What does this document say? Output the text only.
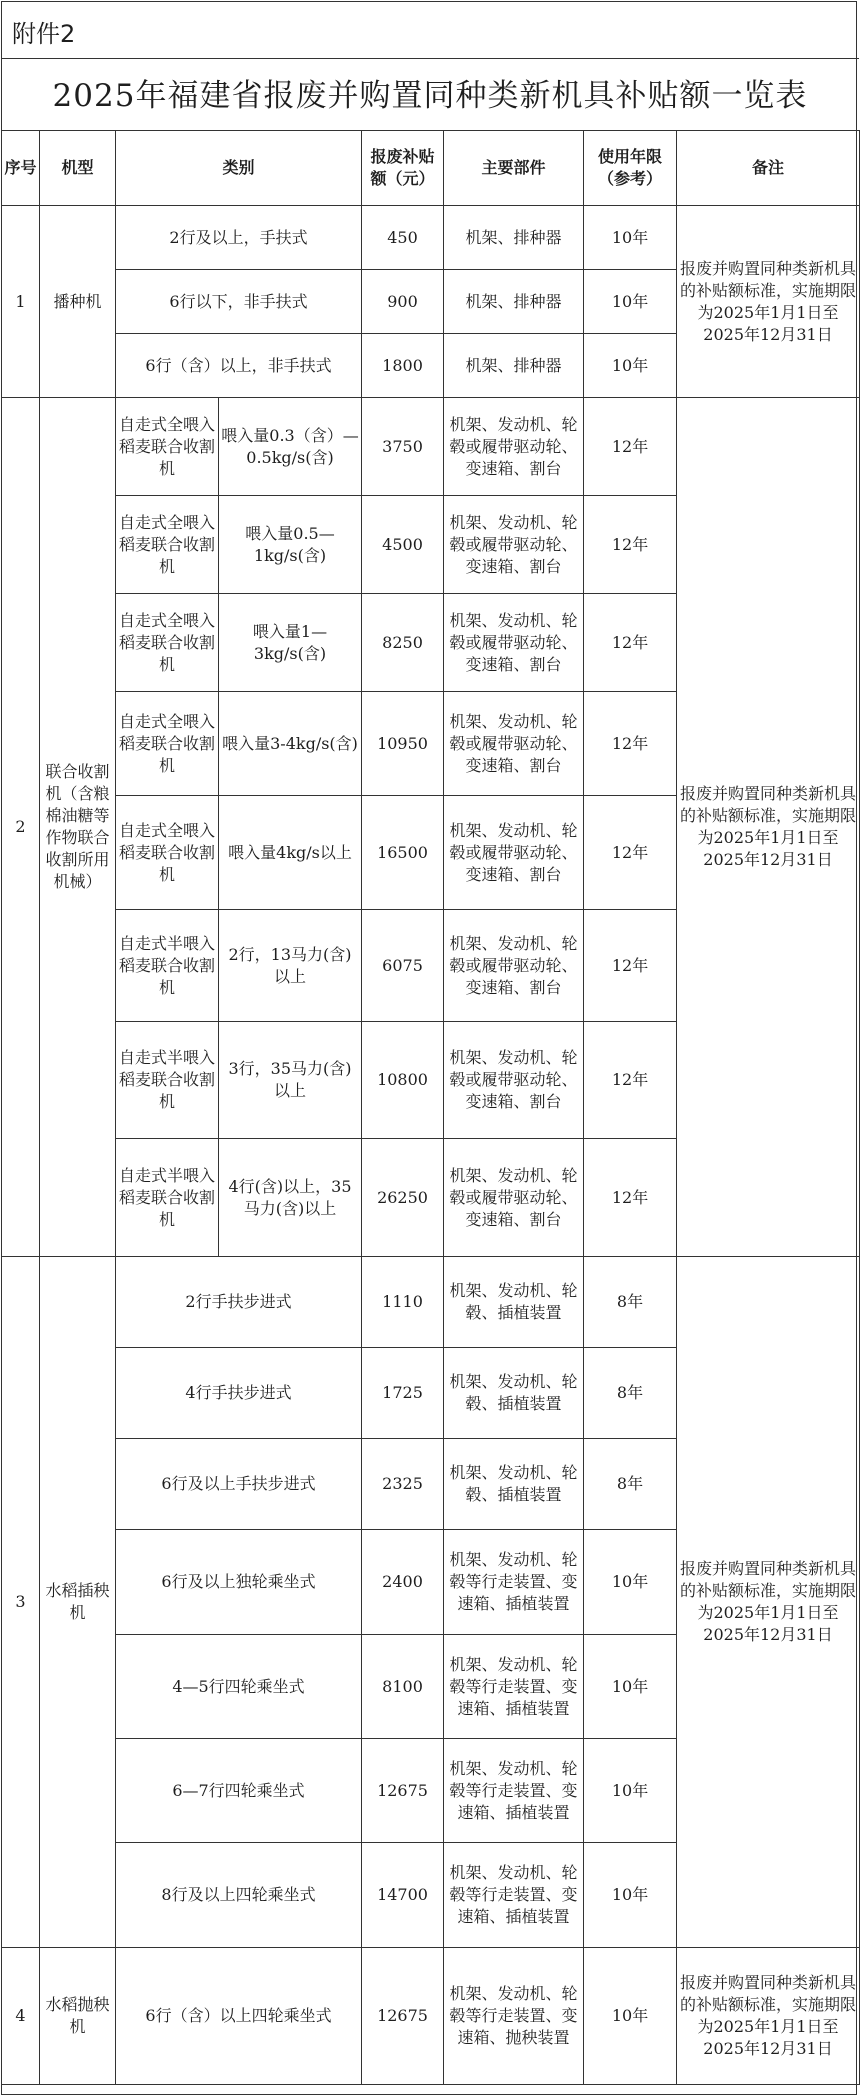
附件2
2025年福建省报废并购置同种类新机具补贴额一览表
序号	机型	类别		报废补贴额（元）	主要部件	使用年限（参考）	备注
1	播种机	2行及以上，手扶式		450	机架、排种器	10年	报废并购置同种类新机具的补贴额标准，实施期限为2025年1月1日至2025年12月31日
		6行以下，非手扶式		900	机架、排种器	10年	
		6行（含）以上，非手扶式		1800	机架、排种器	10年	
2	联合收割机（含粮棉油糖等作物联合收割所用机械）	自走式全喂入稻麦联合收割机	喂入量0.3（含）—0.5kg/s(含)	3750	机架、发动机、轮毂或履带驱动轮、变速箱、割台	12年	报废并购置同种类新机具的补贴额标准，实施期限为2025年1月1日至2025年12月31日
		自走式全喂入稻麦联合收割机	喂入量0.5—1kg/s(含)	4500	机架、发动机、轮毂或履带驱动轮、变速箱、割台	12年	
		自走式全喂入稻麦联合收割机	喂入量1—3kg/s(含)	8250	机架、发动机、轮毂或履带驱动轮、变速箱、割台	12年	
		自走式全喂入稻麦联合收割机	喂入量3-4kg/s(含)	10950	机架、发动机、轮毂或履带驱动轮、变速箱、割台	12年	
		自走式全喂入稻麦联合收割机	喂入量4kg/s以上	16500	机架、发动机、轮毂或履带驱动轮、变速箱、割台	12年	
		自走式半喂入稻麦联合收割机	2行，13马力(含)以上	6075	机架、发动机、轮毂或履带驱动轮、变速箱、割台	12年	
		自走式半喂入稻麦联合收割机	3行，35马力(含)以上	10800	机架、发动机、轮毂或履带驱动轮、变速箱、割台	12年	
		自走式半喂入稻麦联合收割机	4行(含)以上，35马力(含)以上	26250	机架、发动机、轮毂或履带驱动轮、变速箱、割台	12年	
3	水稻插秧机	2行手扶步进式		1110	机架、发动机、轮毂、插植装置	8年	报废并购置同种类新机具的补贴额标准，实施期限为2025年1月1日至2025年12月31日
		4行手扶步进式		1725	机架、发动机、轮毂、插植装置	8年	
		6行及以上手扶步进式		2325	机架、发动机、轮毂、插植装置	8年	
		6行及以上独轮乘坐式		2400	机架、发动机、轮毂等行走装置、变速箱、插植装置	10年	
		4—5行四轮乘坐式		8100	机架、发动机、轮毂等行走装置、变速箱、插植装置	10年	
		6—7行四轮乘坐式		12675	机架、发动机、轮毂等行走装置、变速箱、插植装置	10年	
		8行及以上四轮乘坐式		14700	机架、发动机、轮毂等行走装置、变速箱、插植装置	10年	
4	水稻抛秧机	6行（含）以上四轮乘坐式		12675	机架、发动机、轮毂等行走装置、变速箱、抛秧装置	10年	报废并购置同种类新机具的补贴额标准，实施期限为2025年1月1日至2025年12月31日
